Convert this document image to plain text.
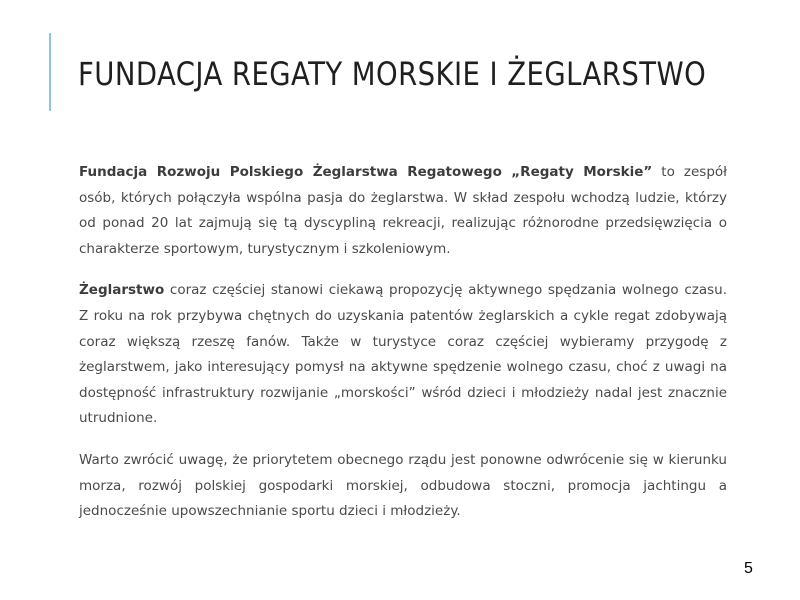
FUNDACJA REGATY MORSKIE I ŻEGLARSTWO

Fundacja Rozwoju Polskiego Żeglarstwa Regatowego „Regaty Morskie” to zespół osób, których połączyła wspólna pasja do żeglarstwa. W skład zespołu wchodzą ludzie, którzy od ponad 20 lat zajmują się tą dyscypliną rekreacji, realizując różnorodne przedsięwzięcia o charakterze sportowym, turystycznym i szkoleniowym.

Żeglarstwo coraz częściej stanowi ciekawą propozycję aktywnego spędzania wolnego czasu. Z roku na rok przybywa chętnych do uzyskania patentów żeglarskich a cykle regat zdobywają coraz większą rzeszę fanów. Także w turystyce coraz częściej wybieramy przygodę z żeglarstwem, jako interesujący pomysł na aktywne spędzenie wolnego czasu, choć z uwagi na dostępność infrastruktury rozwijanie „morskości” wśród dzieci i młodzieży nadal jest znacznie utrudnione.

Warto zwrócić uwagę, że priorytetem obecnego rządu jest ponowne odwrócenie się w kierunku morza, rozwój polskiej gospodarki morskiej, odbudowa stoczni, promocja jachtingu a jednocześnie upowszechnianie sportu dzieci i młodzieży.

5
